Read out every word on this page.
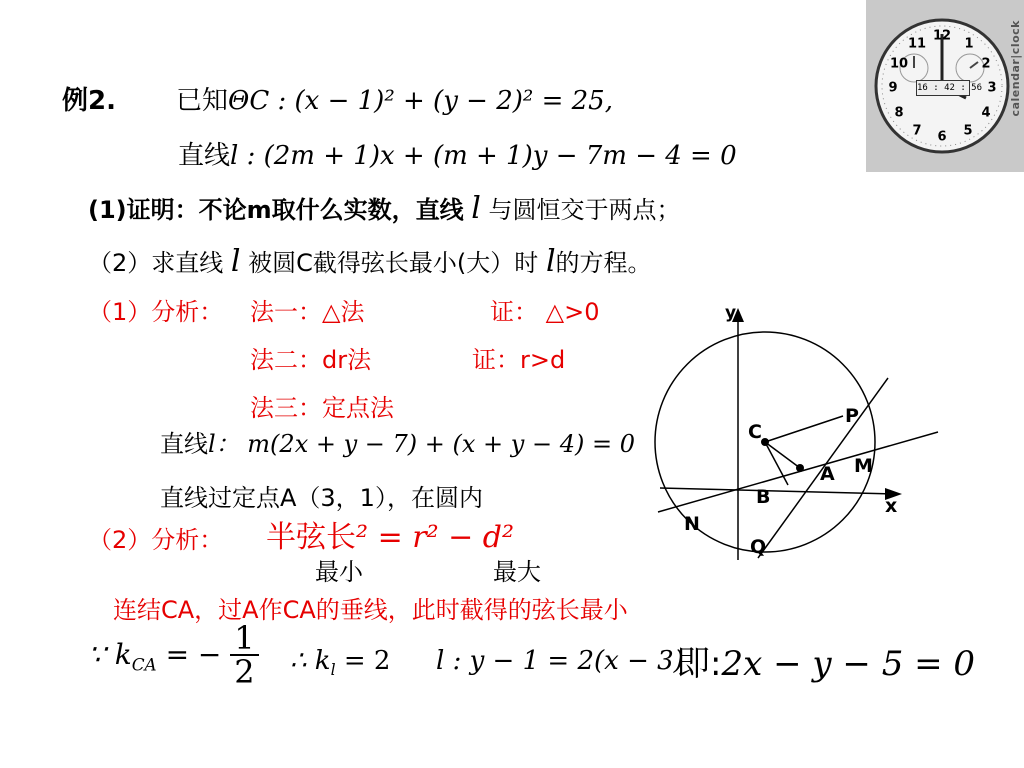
12
1
2
3
4
5
6
7
8
9
10
11
16 : 42 : 56 calendar|clock
例2. 已知ΘC : (x − 1)² + (y − 2)² = 25,
直线l : (2m + 1)x + (m + 1)y − 7m − 4 = 0
(1)证明：不论m取什么实数，直线 l 与圆恒交于两点；
（2）求直线 l 被圆C截得弦长最小(大）时 l的方程。
（1）分析： 法一：△法	证： △>0
法二：dr法	证：r>d
法三：定点法
直线l： m(2x + y − 7) + (x + y − 4) = 0
直线过定点A（3，1），在圆内
（2）分析： 半弦长² = r² − d²
最小	最大
连结CA，过A作CA的垂线，此时截得的弦长最小
∵ $k_{CA}$ = − $\frac{1}{2}$ ∴ $k_l = 2$ l : y − 1 = 2(x − 3)
即:2x − y − 5 = 0
y
x
P
C
M
A
B
N
Q
